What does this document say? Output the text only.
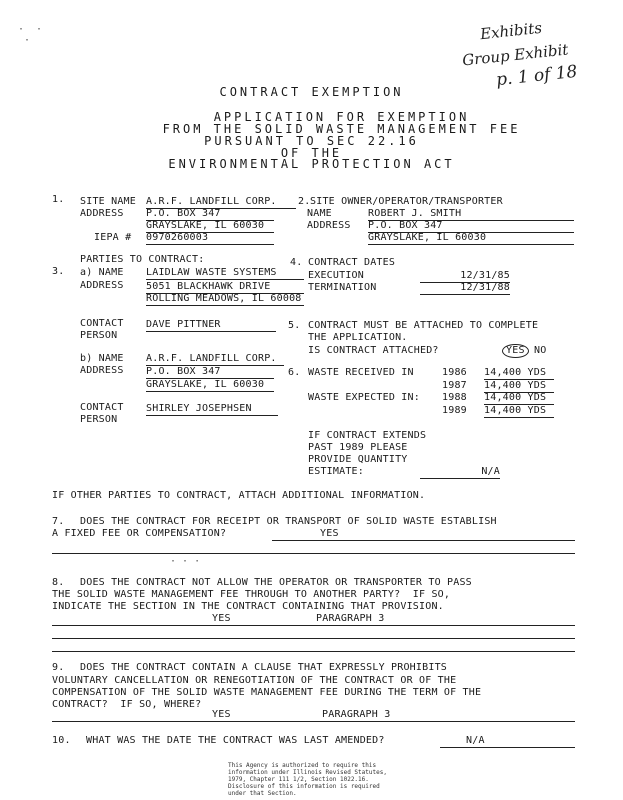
Exhibits
Group Exhibit
p. 1 of 18
·  ·
·
CONTRACT EXEMPTION
APPLICATION FOR EXEMPTION
FROM THE SOLID WASTE MANAGEMENT FEE
PURSUANT TO SEC 22.16
OF THE
ENVIRONMENTAL PROTECTION ACT
1. SITE NAME A.R.F. LANDFILL CORP.
ADDRESS P.O. BOX 347
GRAYSLAKE, IL 60030
IEPA # 0970260003
2. SITE OWNER/OPERATOR/TRANSPORTER
NAME	ROBERT J. SMITH
ADDRESS P.O. BOX 347
GRAYSLAKE, IL 60030
PARTIES TO CONTRACT:	4. CONTRACT DATES
3. a) NAME LAIDLAW WASTE SYSTEMS
ADDRESS 5051 BLACKHAWK DRIVE
ROLLING MEADOWS, IL 60008
CONTACT
PERSON
DAVE PITTNER
EXECUTION	12/31/85
TERMINATION	12/31/88
5. CONTRACT MUST BE ATTACHED TO COMPLETE
THE APPLICATION.
IS CONTRACT ATTACHED?	YES NO
b) NAME A.R.F. LANDFILL CORP.
ADDRESS P.O. BOX 347
GRAYSLAKE, IL 60030
CONTACT
PERSON
SHIRLEY JOSEPHSEN
6. WASTE RECEIVED IN
WASTE EXPECTED IN:
1986 14,400 YDS
1987 14,400 YDS
1988 14,400 YDS
1989 14,400 YDS
IF CONTRACT EXTENDS
PAST 1989 PLEASE
PROVIDE QUANTITY
ESTIMATE:	N/A
IF OTHER PARTIES TO CONTRACT, ATTACH ADDITIONAL INFORMATION.
7. DOES THE CONTRACT FOR RECEIPT OR TRANSPORT OF SOLID WASTE ESTABLISH
A FIXED FEE OR COMPENSATION?	YES
· · ·
8. DOES THE CONTRACT NOT ALLOW THE OPERATOR OR TRANSPORTER TO PASS
THE SOLID WASTE MANAGEMENT FEE THROUGH TO ANOTHER PARTY?  IF SO,
INDICATE THE SECTION IN THE CONTRACT CONTAINING THAT PROVISION.
YES	PARAGRAPH 3
9. DOES THE CONTRACT CONTAIN A CLAUSE THAT EXPRESSLY PROHIBITS
VOLUNTARY CANCELLATION OR RENEGOTIATION OF THE CONTRACT OR OF THE
COMPENSATION OF THE SOLID WASTE MANAGEMENT FEE DURING THE TERM OF THE
CONTRACT?  IF SO, WHERE?
YES	PARAGRAPH 3
10. WHAT WAS THE DATE THE CONTRACT WAS LAST AMENDED?	N/A
This Agency is authorized to require this information under Illinois Revised Statutes, 1979, Chapter 111 1/2, Section 1022.16. Disclosure of this information is required under that Section.
